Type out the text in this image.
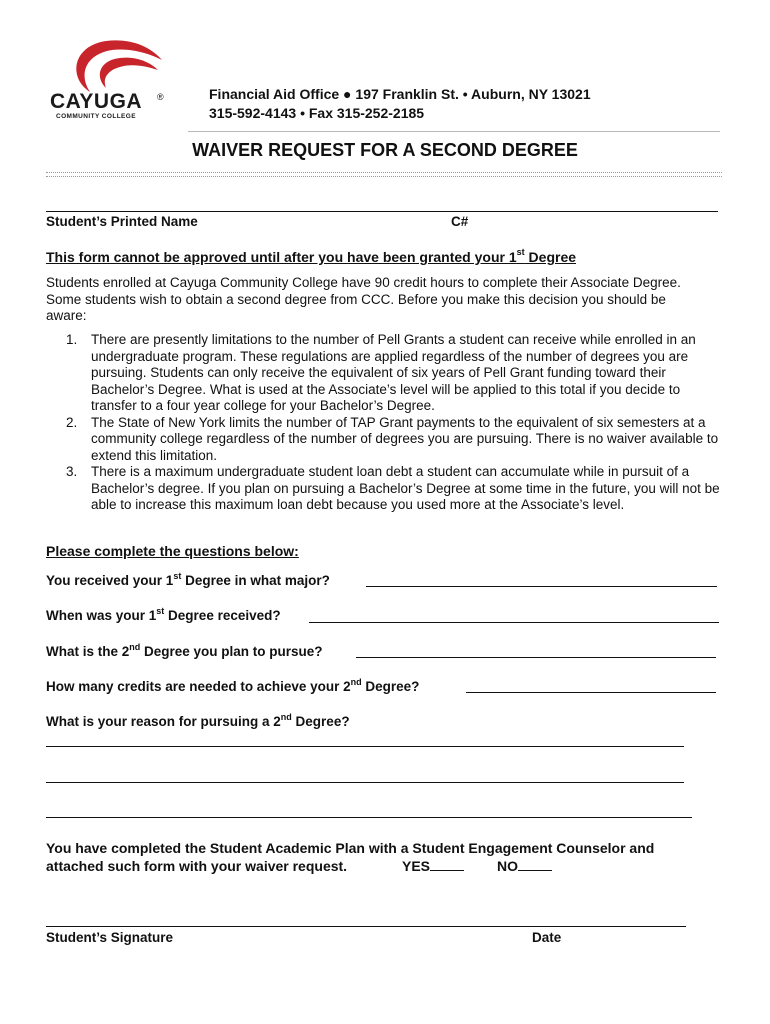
CAYUGA ®
COMMUNITY COLLEGE
Financial Aid Office ● 197 Franklin St. • Auburn, NY 13021
315-592-4143 • Fax 315-252-2185
WAIVER REQUEST FOR A SECOND DEGREE
Student’s Printed Name	C#
This form cannot be approved until after you have been granted your 1st Degree
Students enrolled at Cayuga Community College have 90 credit hours to complete their Associate Degree. Some students wish to obtain a second degree from CCC. Before you make this decision you should be aware:
1. There are presently limitations to the number of Pell Grants a student can receive while enrolled in an undergraduate program. These regulations are applied regardless of the number of degrees you are pursuing. Students can only receive the equivalent of six years of Pell Grant funding toward their Bachelor’s Degree. What is used at the Associate’s level will be applied to this total if you decide to transfer to a four year college for your Bachelor’s Degree.
2. The State of New York limits the number of TAP Grant payments to the equivalent of six semesters at a community college regardless of the number of degrees you are pursuing. There is no waiver available to extend this limitation.
3. There is a maximum undergraduate student loan debt a student can accumulate while in pursuit of a Bachelor’s degree. If you plan on pursuing a Bachelor’s Degree at some time in the future, you will not be able to increase this maximum loan debt because you used more at the Associate’s level.
Please complete the questions below:
You received your 1st Degree in what major?
When was your 1st Degree received?
What is the 2nd Degree you plan to pursue?
How many credits are needed to achieve your 2nd Degree?
What is your reason for pursuing a 2nd Degree?
You have completed the Student Academic Plan with a Student Engagement Counselor and
attached such form with your waiver request.	YES	NO
Student’s Signature	Date
